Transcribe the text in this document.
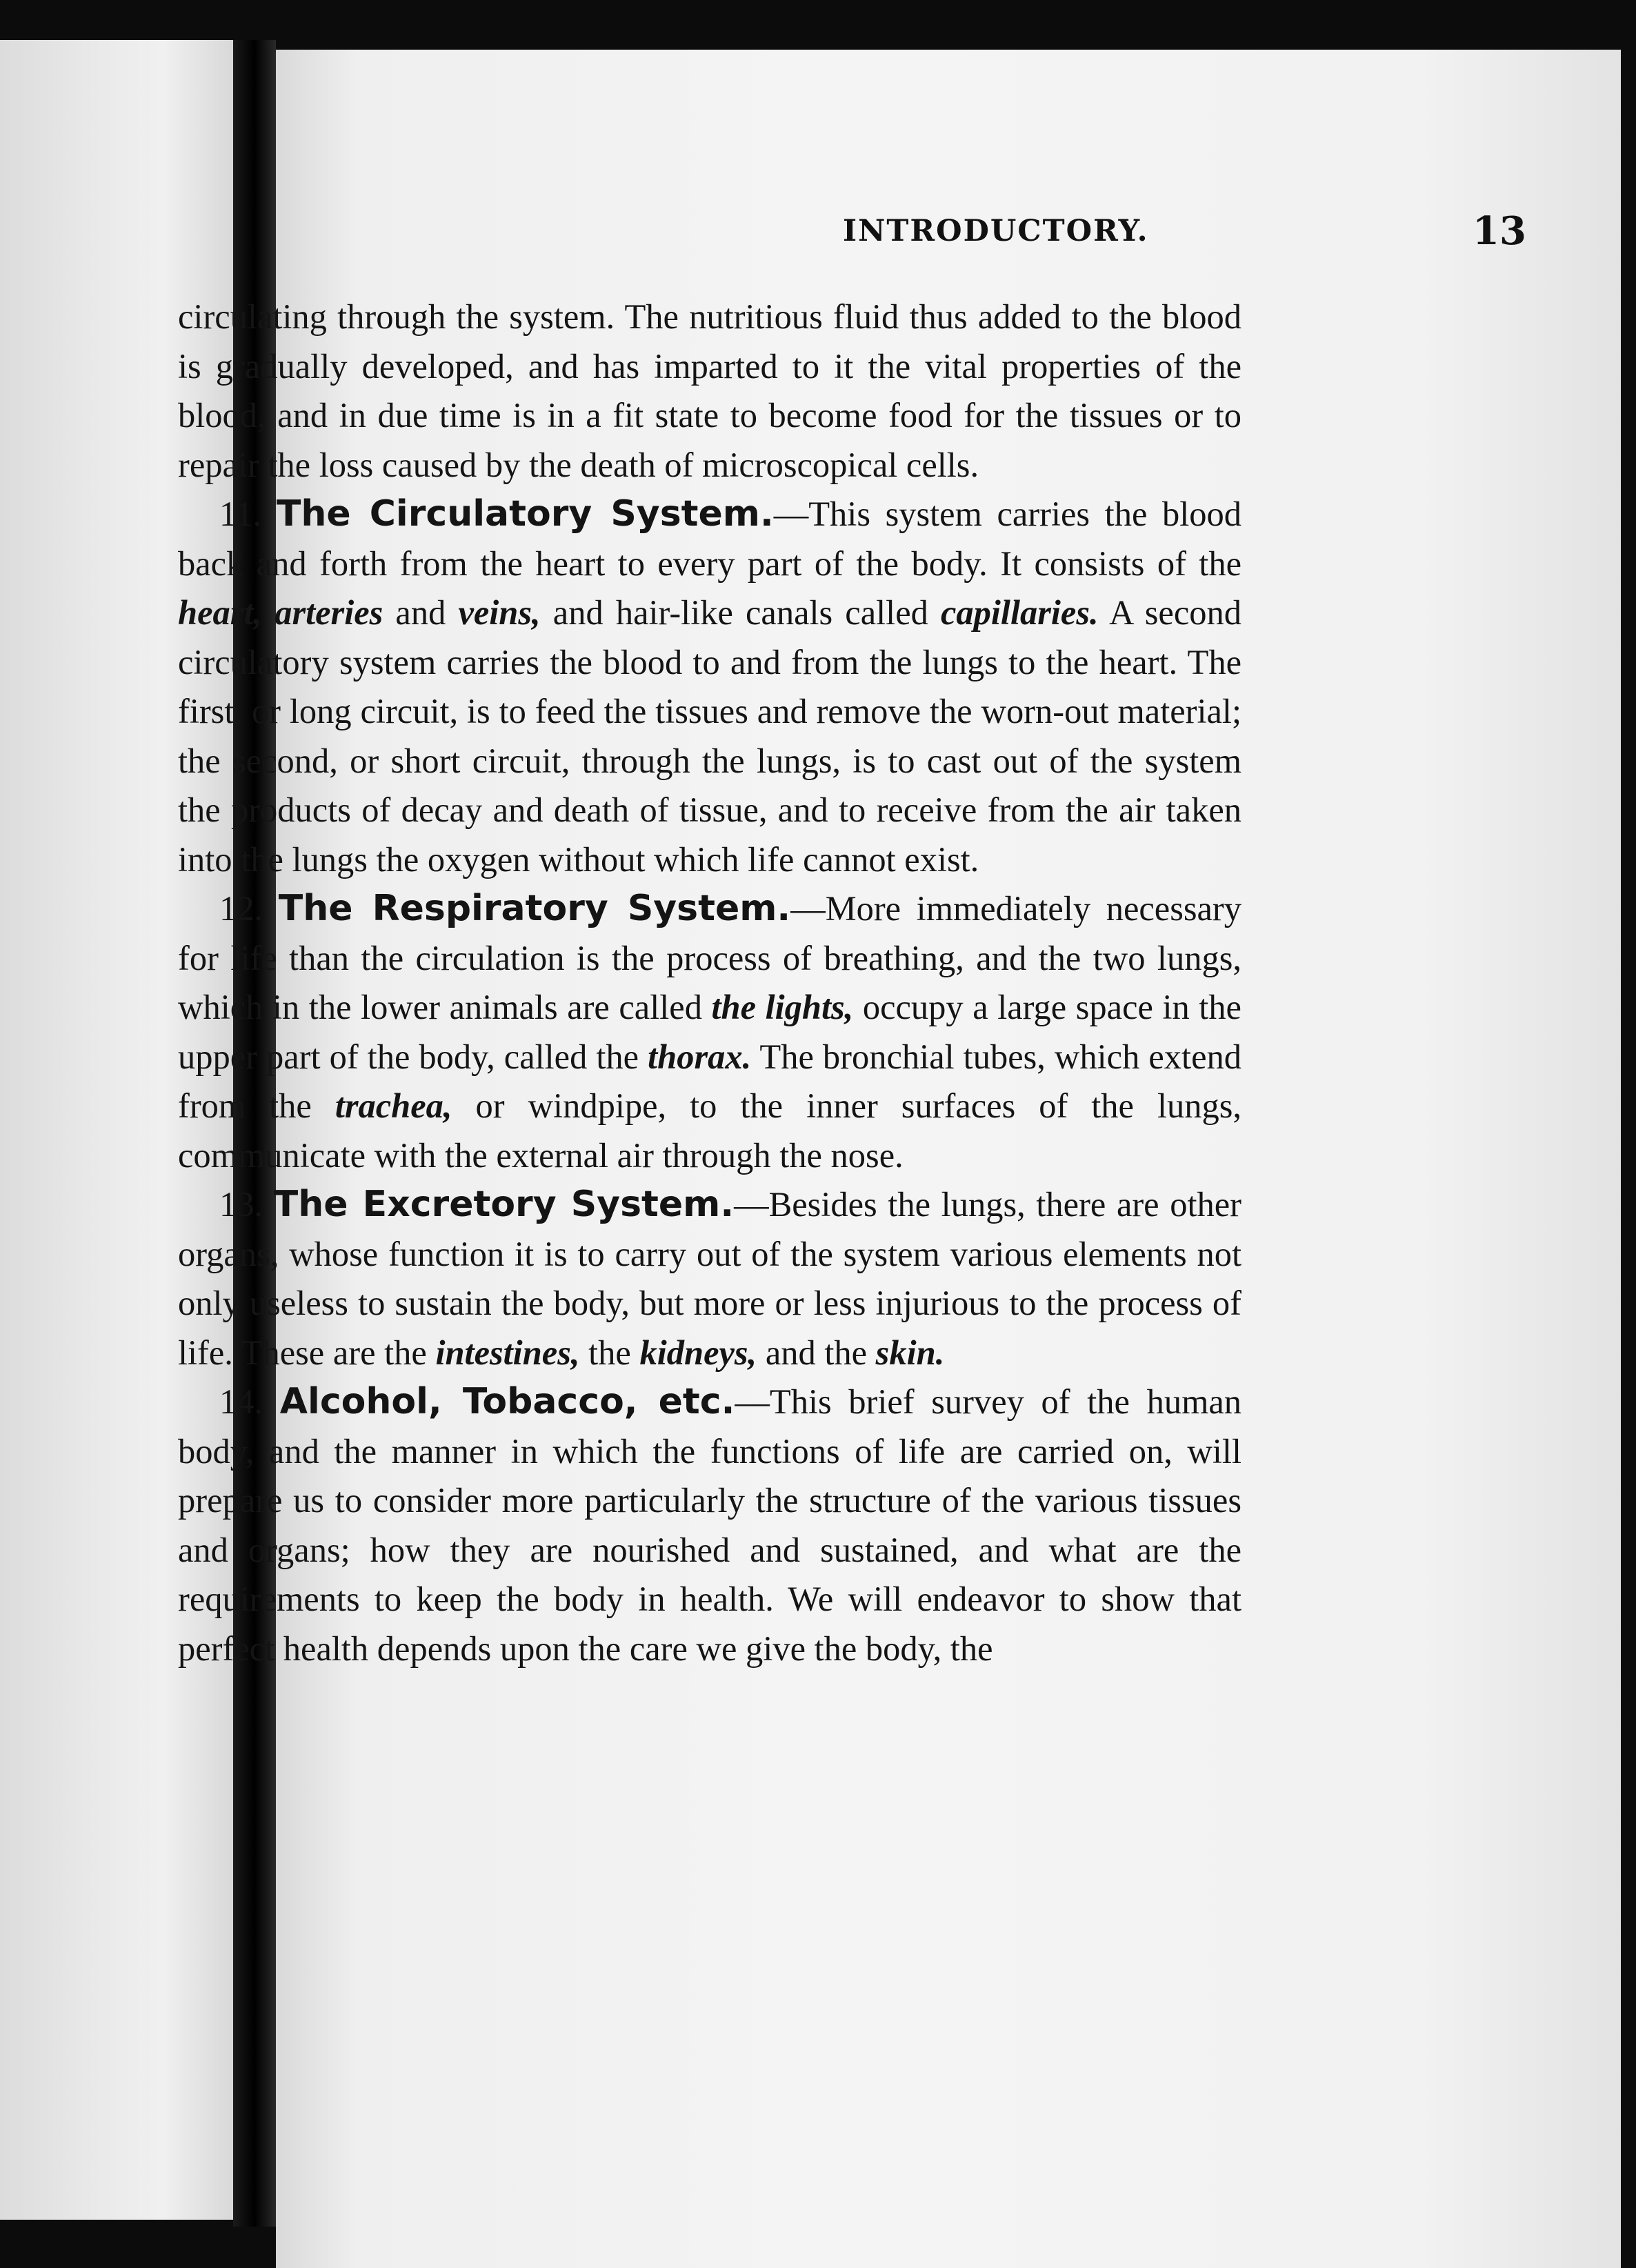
INTRODUCTORY.	13

circulating through the system. The nutritious fluid thus added to the blood is gradually developed, and has imparted to it the vital properties of the blood, and in due time is in a fit state to become food for the tissues or to repair the loss caused by the death of microscopical cells.

11. The Circulatory System.—This system carries the blood back and forth from the heart to every part of the body. It consists of the heart, arteries and veins, and hair-like canals called capillaries. A second circulatory system carries the blood to and from the lungs to the heart. The first, or long circuit, is to feed the tissues and remove the worn-out material; the second, or short circuit, through the lungs, is to cast out of the system the products of decay and death of tissue, and to receive from the air taken into the lungs the oxygen without which life cannot exist.

12. The Respiratory System.—More immediately necessary for life than the circulation is the process of breathing, and the two lungs, which in the lower animals are called the lights, occupy a large space in the upper part of the body, called the thorax. The bronchial tubes, which extend from the trachea, or windpipe, to the inner surfaces of the lungs, communicate with the external air through the nose.

13. The Excretory System.—Besides the lungs, there are other organs, whose function it is to carry out of the system various elements not only useless to sustain the body, but more or less injurious to the process of life. These are the intestines, the kidneys, and the skin.

14. Alcohol, Tobacco, etc.—This brief survey of the human body, and the manner in which the functions of life are carried on, will prepare us to consider more particularly the structure of the various tissues and organs; how they are nourished and sustained, and what are the requirements to keep the body in health. We will endeavor to show that perfect health depends upon the care we give the body, the
